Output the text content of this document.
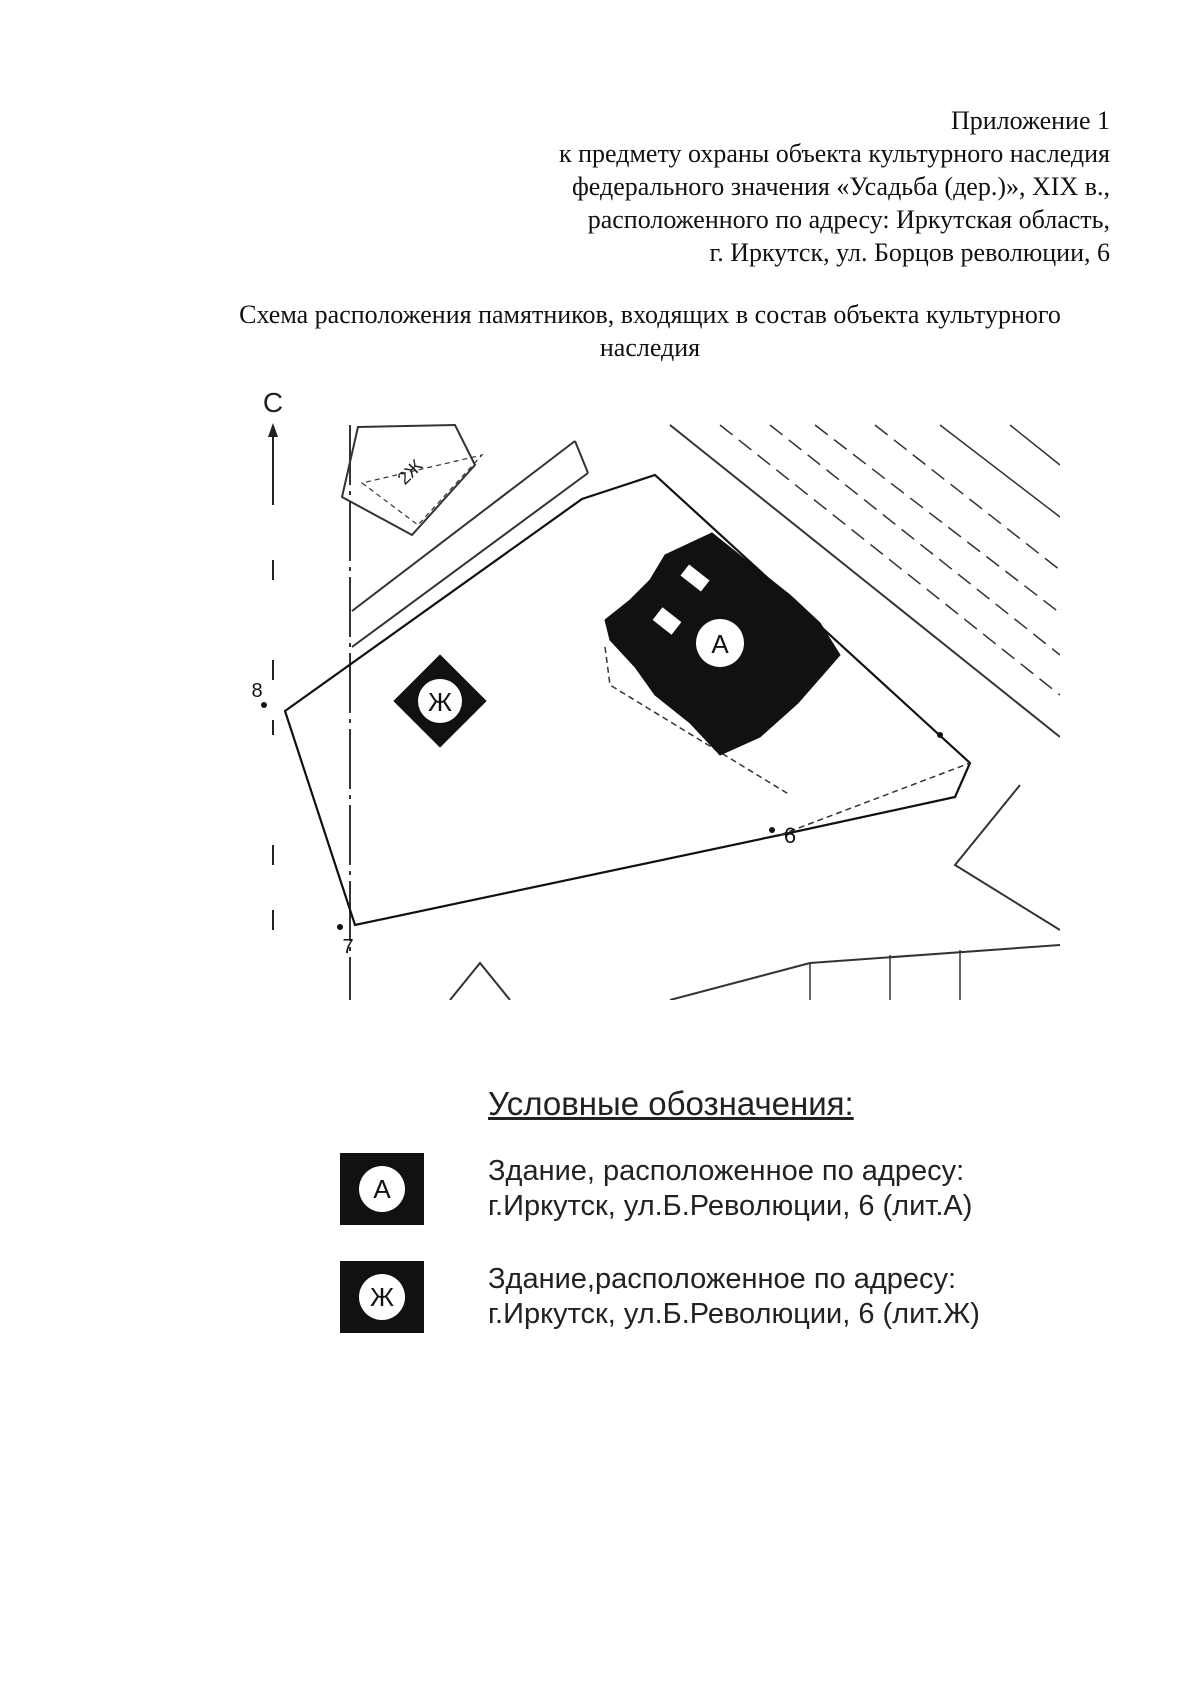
Приложение 1
к предмету охраны объекта культурного наследия
федерального значения «Усадьба (дер.)», XIX в.,
расположенного по адресу: Иркутская область,
г. Иркутск, ул. Борцов революции, 6
Схема расположения памятников, входящих в состав объекта культурного
наследия
С
А
Ж
2Ж
8
6
7
Условные обозначения:
А
Здание, расположенное по адресу:
г.Иркутск, ул.Б.Революции, 6 (лит.А)
Ж
Здание,расположенное по адресу:
г.Иркутск, ул.Б.Революции, 6 (лит.Ж)
